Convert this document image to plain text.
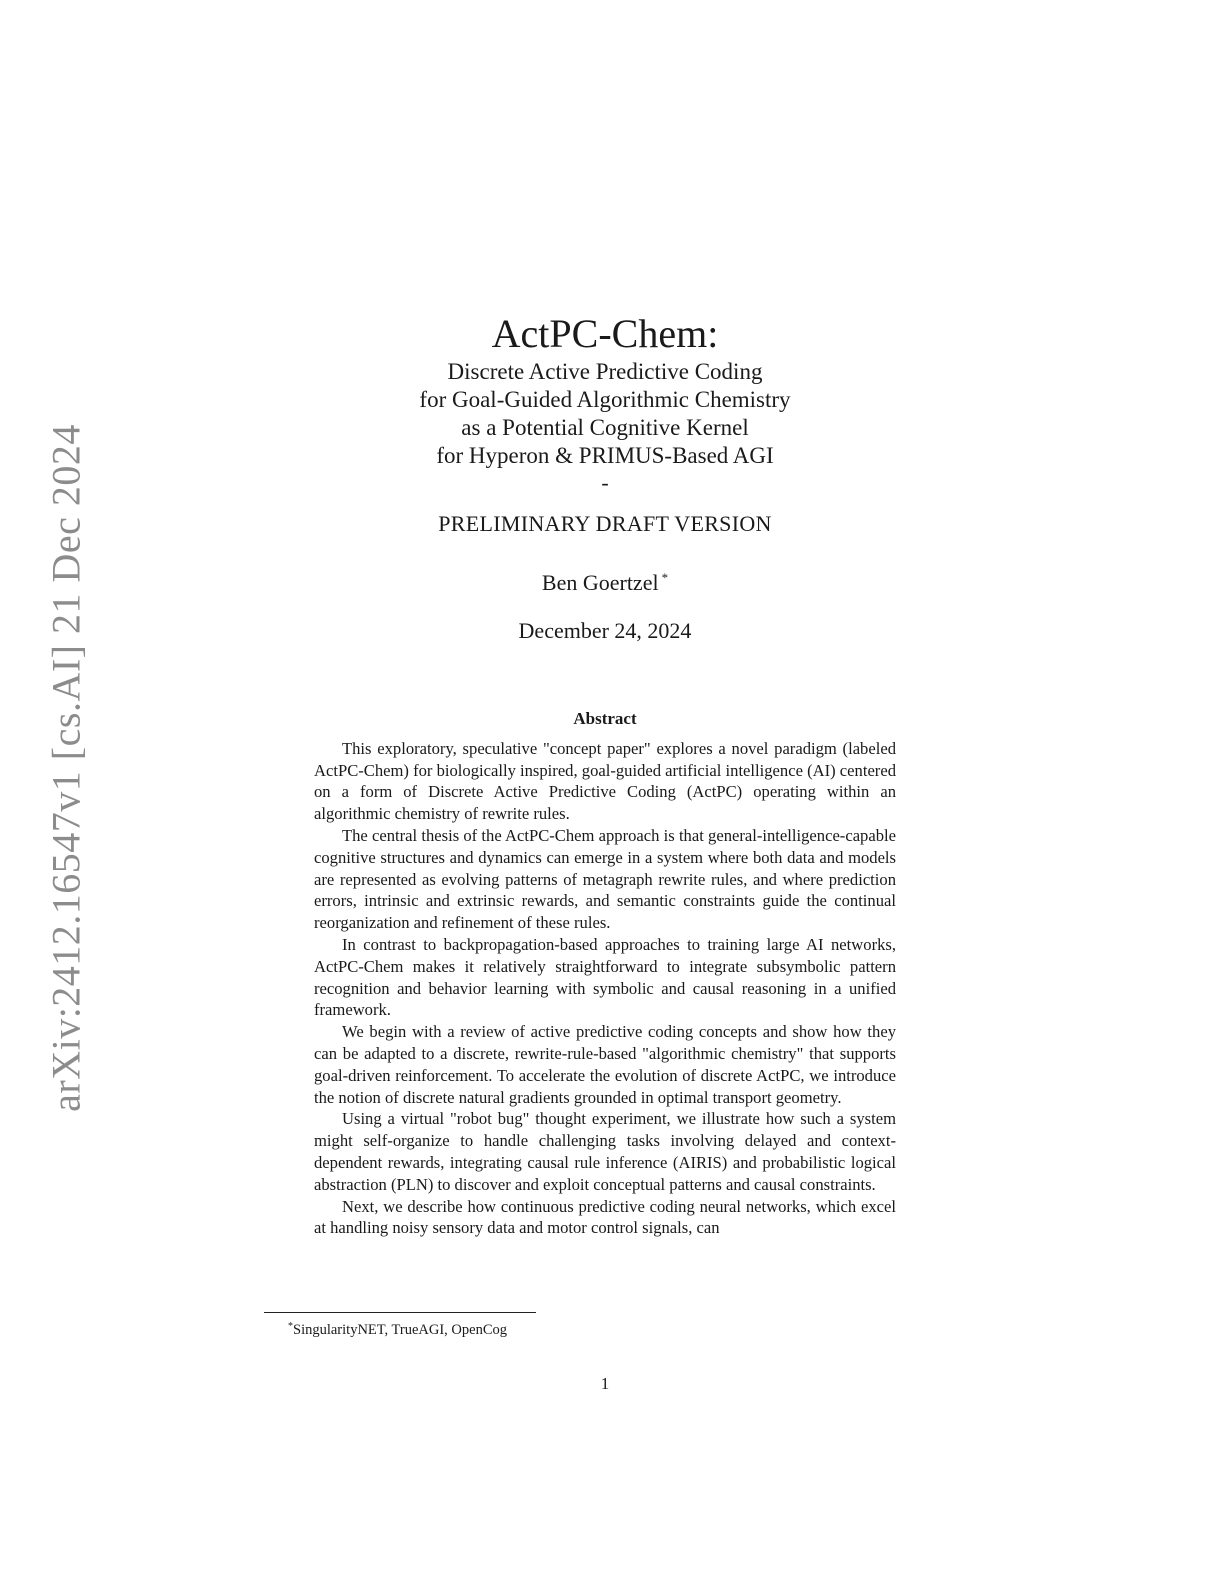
arXiv:2412.16547v1 [cs.AI] 21 Dec 2024
ActPC-Chem:
Discrete Active Predictive Coding
for Goal-Guided Algorithmic Chemistry
as a Potential Cognitive Kernel
for Hyperon & PRIMUS-Based AGI
-
PRELIMINARY DRAFT VERSION
Ben Goertzel *
December 24, 2024
Abstract

This exploratory, speculative "concept paper" explores a novel paradigm (labeled ActPC-Chem) for biologically inspired, goal-guided artificial intelligence (AI) centered on a form of Discrete Active Predictive Coding (ActPC) operating within an algorithmic chemistry of rewrite rules.

The central thesis of the ActPC-Chem approach is that general-intelligence-capable cognitive structures and dynamics can emerge in a system where both data and models are represented as evolving patterns of metagraph rewrite rules, and where prediction errors, intrinsic and extrinsic rewards, and semantic constraints guide the continual reorganization and refinement of these rules.

In contrast to backpropagation-based approaches to training large AI networks, ActPC-Chem makes it relatively straightforward to integrate subsymbolic pattern recognition and behavior learning with symbolic and causal reasoning in a unified framework.

We begin with a review of active predictive coding concepts and show how they can be adapted to a discrete, rewrite-rule-based "algorithmic chemistry" that supports goal-driven reinforcement. To accelerate the evolution of discrete ActPC, we introduce the notion of discrete natural gradients grounded in optimal transport geometry.

Using a virtual "robot bug" thought experiment, we illustrate how such a system might self-organize to handle challenging tasks involving delayed and context-dependent rewards, integrating causal rule inference (AIRIS) and probabilistic logical abstraction (PLN) to discover and exploit conceptual patterns and causal constraints.

Next, we describe how continuous predictive coding neural networks, which excel at handling noisy sensory data and motor control signals, can

*SingularityNET, TrueAGI, OpenCog
1
